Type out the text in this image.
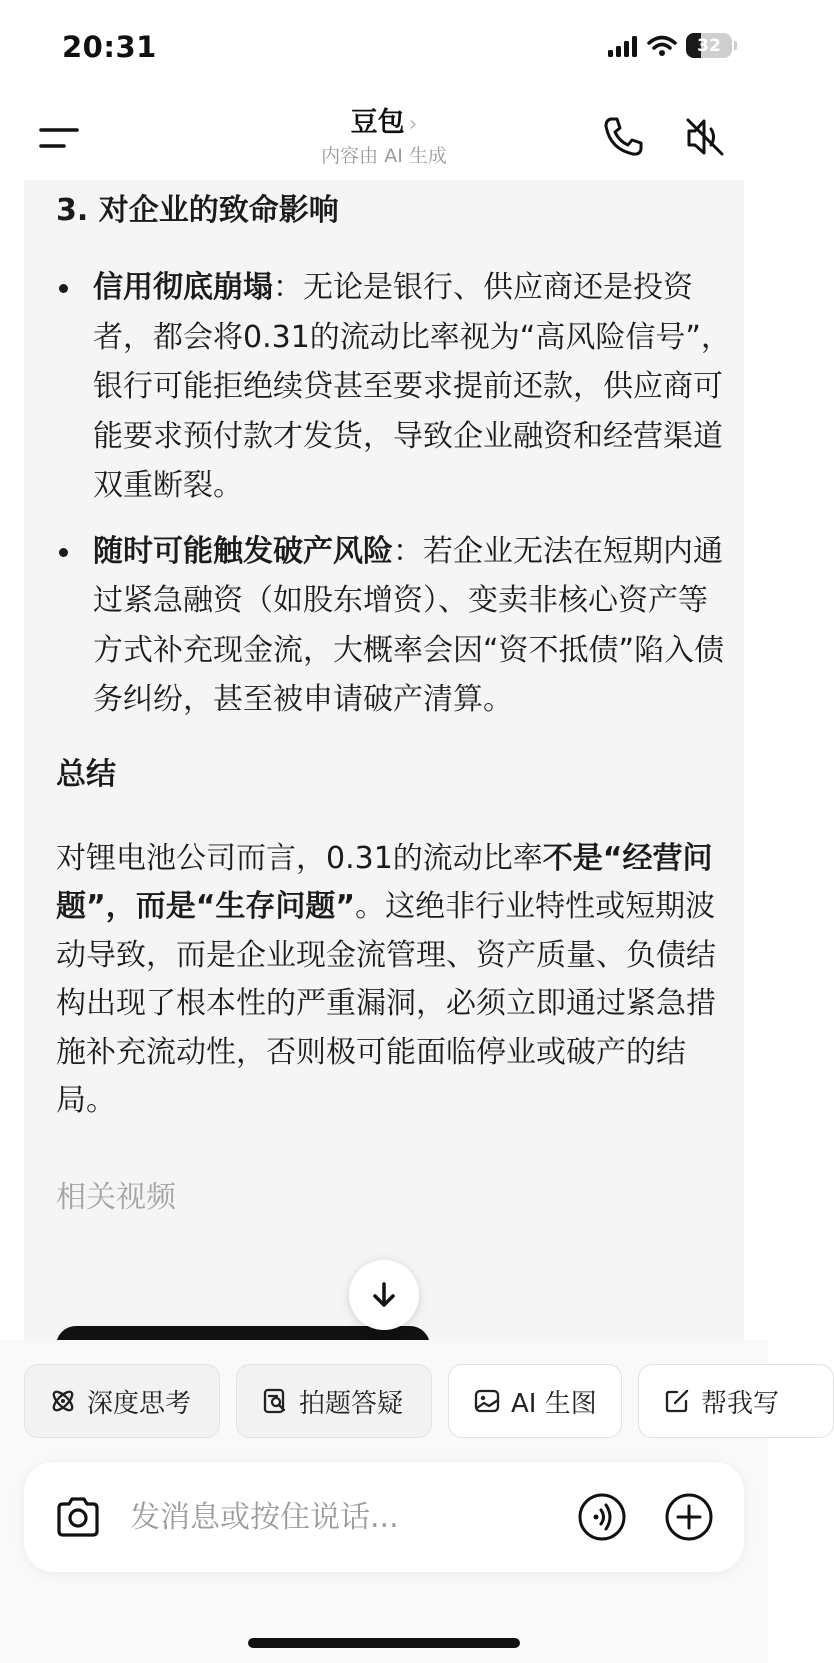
20:31	32
豆包 ›
内容由 AI 生成
3. 对企业的致命影响
信用彻底崩塌：无论是银行、供应商还是投资者，都会将0.31的流动比率视为“高风险信号”，银行可能拒绝续贷甚至要求提前还款，供应商可能要求预付款才发货，导致企业融资和经营渠道双重断裂。
随时可能触发破产风险：若企业无法在短期内通过紧急融资（如股东增资）、变卖非核心资产等方式补充现金流，大概率会因“资不抵债”陷入债务纠纷，甚至被申请破产清算。
总结
对锂电池公司而言，0.31的流动比率不是“经营问题”，而是“生存问题”。这绝非行业特性或短期波动导致，而是企业现金流管理、资产质量、负债结构出现了根本性的严重漏洞，必须立即通过紧急措施补充流动性，否则极可能面临停业或破产的结局。
相关视频
深度思考	拍题答疑	AI 生图	帮我写
发消息或按住说话...
